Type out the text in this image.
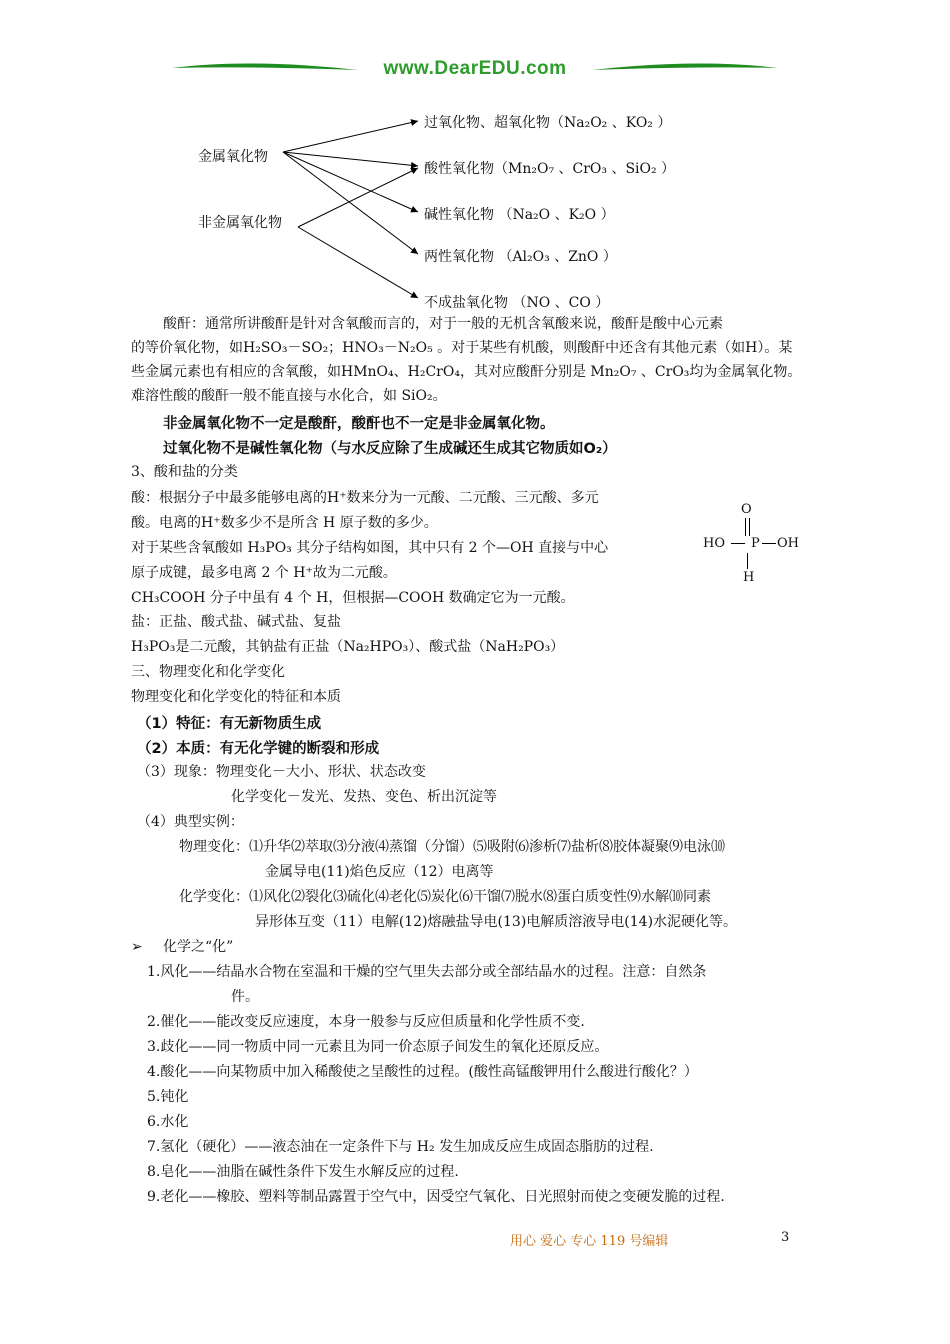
www.DearEDU.com
金属氧化物
非金属氧化物
过氧化物、超氧化物（Na₂O₂ 、KO₂ ）
酸性氧化物（Mn₂O₇ 、CrO₃ 、SiO₂ ）
碱性氧化物 （Na₂O 、K₂O ）
两性氧化物 （Al₂O₃ 、ZnO ）
不成盐氧化物 （NO 、CO ）
酸酐：通常所讲酸酐是针对含氧酸而言的，对于一般的无机含氧酸来说，酸酐是酸中心元素
的等价氧化物，如H₂SO₃－SO₂；HNO₃－N₂O₅ 。对于某些有机酸，则酸酐中还含有其他元素（如H）。某
些金属元素也有相应的含氧酸，如HMnO₄、H₂CrO₄，其对应酸酐分别是 Mn₂O₇ 、CrO₃均为金属氧化物。
难溶性酸的酸酐一般不能直接与水化合，如 SiO₂。
非金属氧化物不一定是酸酐，酸酐也不一定是非金属氧化物。
过氧化物不是碱性氧化物（与水反应除了生成碱还生成其它物质如O₂）
3、酸和盐的分类
酸：根据分子中最多能够电离的H⁺数来分为一元酸、二元酸、三元酸、多元
酸。电离的H⁺数多少不是所含 H 原子数的多少。
对于某些含氧酸如 H₃PO₃ 其分子结构如图，其中只有 2 个—OH 直接与中心
原子成键，最多电离 2 个 H⁺故为二元酸。
CH₃COOH 分子中虽有 4 个 H，但根据—COOH 数确定它为一元酸。
盐：正盐、酸式盐、碱式盐、复盐
H₃PO₃是二元酸，其钠盐有正盐（Na₂HPO₃）、酸式盐（NaH₂PO₃）
O
HO P OH
H
三、物理变化和化学变化
物理变化和化学变化的特征和本质
（1）特征：有无新物质生成
（2）本质：有无化学键的断裂和形成
（3）现象：物理变化－大小、形状、状态改变
化学变化－发光、发热、变色、析出沉淀等
（4）典型实例：
物理变化：⑴升华⑵萃取⑶分液⑷蒸馏（分馏）⑸吸附⑹渗析⑺盐析⑻胶体凝聚⑼电泳⑽
金属导电(11)焰色反应（12）电离等
化学变化：⑴风化⑵裂化⑶硫化⑷老化⑸炭化⑹干馏⑺脱水⑻蛋白质变性⑼水解⑽同素
异形体互变（11）电解(12)熔融盐导电(13)电解质溶液导电(14)水泥硬化等。
➢ 化学之“化”
1.风化——结晶水合物在室温和干燥的空气里失去部分或全部结晶水的过程。注意：自然条
件。
2.催化——能改变反应速度，本身一般参与反应但质量和化学性质不变.
3.歧化——同一物质中同一元素且为同一价态原子间发生的氧化还原反应。
4.酸化——向某物质中加入稀酸使之呈酸性的过程。(酸性高锰酸钾用什么酸进行酸化？）
5.钝化
6.水化
7.氢化（硬化）——液态油在一定条件下与 H₂ 发生加成反应生成固态脂肪的过程.
8.皂化——油脂在碱性条件下发生水解反应的过程.
9.老化——橡胶、塑料等制品露置于空气中，因受空气氧化、日光照射而使之变硬发脆的过程.
用心 爱心 专心 119 号编辑	3
